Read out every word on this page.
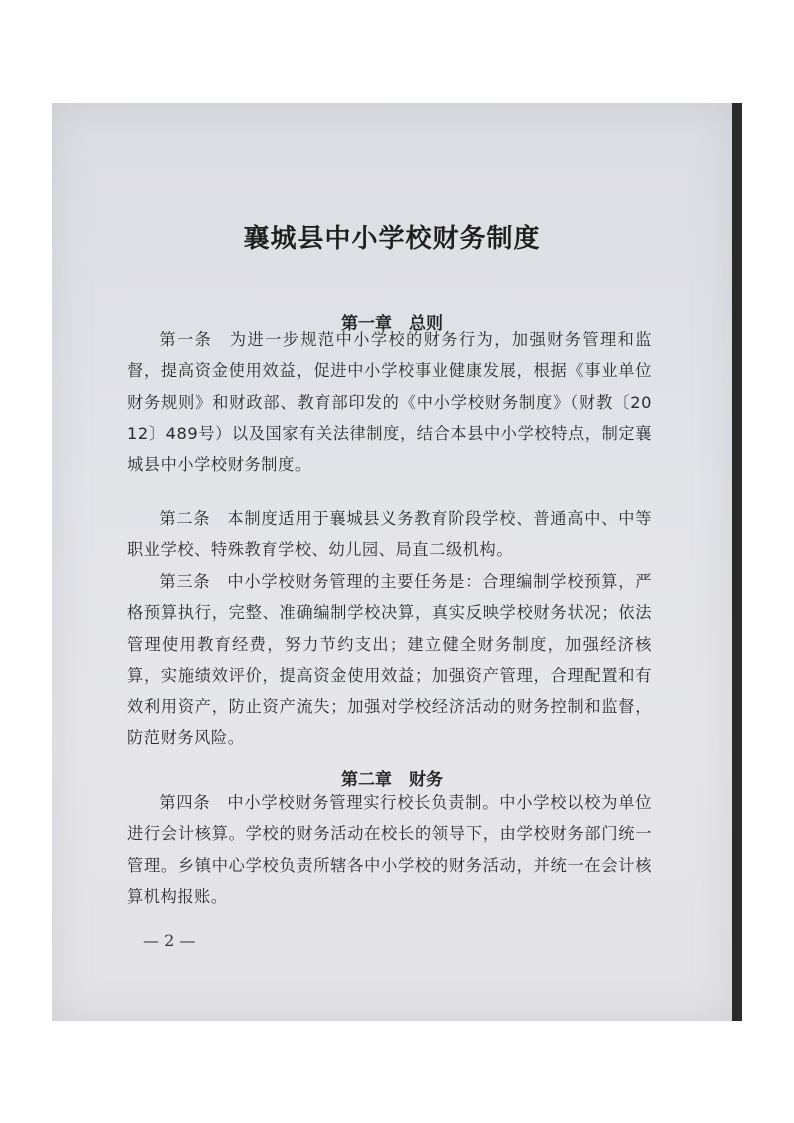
襄城县中小学校财务制度
第一章　总则

第一条　为进一步规范中小学校的财务行为，加强财务管理和监督，提高资金使用效益，促进中小学校事业健康发展，根据《事业单位财务规则》和财政部、教育部印发的《中小学校财务制度》（财教〔2012〕489号）以及国家有关法律制度，结合本县中小学校特点，制定襄城县中小学校财务制度。

第二条　本制度适用于襄城县义务教育阶段学校、普通高中、中等职业学校、特殊教育学校、幼儿园、局直二级机构。

第三条　中小学校财务管理的主要任务是：合理编制学校预算，严格预算执行，完整、准确编制学校决算，真实反映学校财务状况；依法管理使用教育经费，努力节约支出；建立健全财务制度，加强经济核算，实施绩效评价，提高资金使用效益；加强资产管理，合理配置和有效利用资产，防止资产流失；加强对学校经济活动的财务控制和监督，防范财务风险。

第二章　财务

第四条　中小学校财务管理实行校长负责制。中小学校以校为单位进行会计核算。学校的财务活动在校长的领导下，由学校财务部门统一管理。乡镇中心学校负责所辖各中小学校的财务活动，并统一在会计核算机构报账。

— 2 —
